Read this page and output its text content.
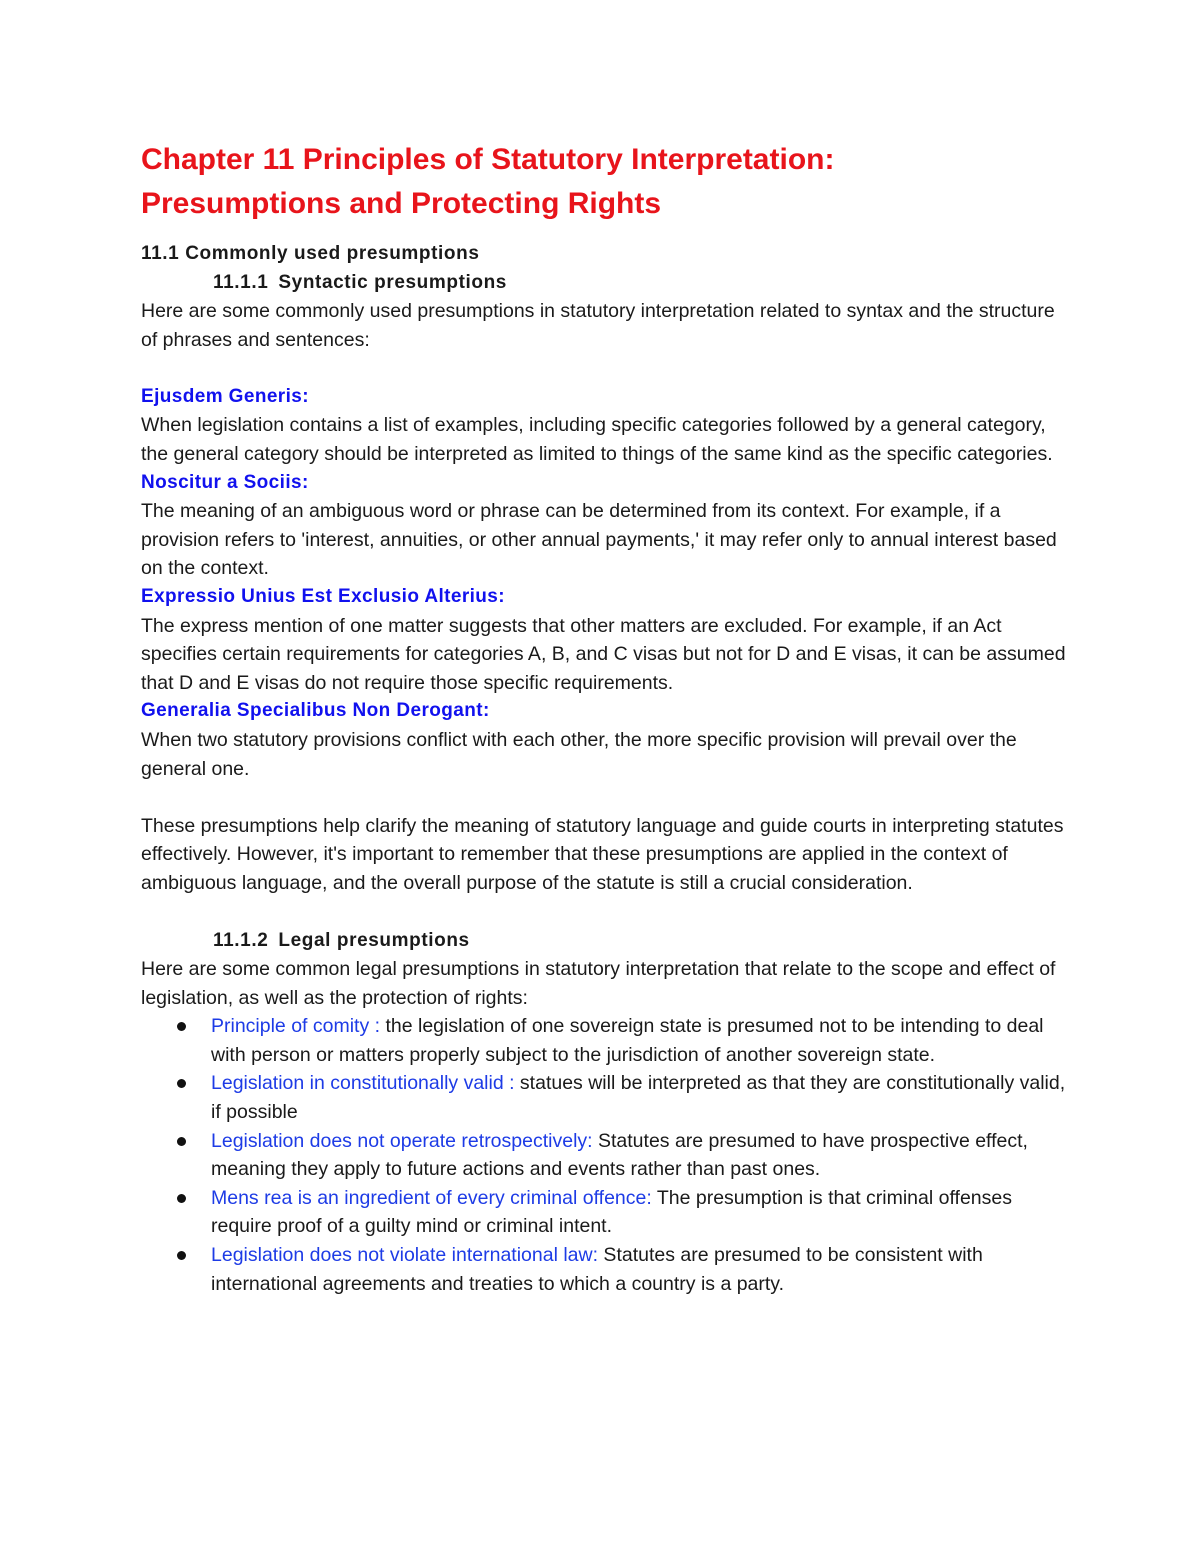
Chapter 11 Principles of Statutory Interpretation:
Presumptions and Protecting Rights
11.1 Commonly used presumptions
11.1.1 Syntactic presumptions

Here are some commonly used presumptions in statutory interpretation related to syntax and the structure of phrases and sentences:

Ejusdem Generis:

When legislation contains a list of examples, including specific categories followed by a general category, the general category should be interpreted as limited to things of the same kind as the specific categories.

Noscitur a Sociis:

The meaning of an ambiguous word or phrase can be determined from its context. For example, if a provision refers to 'interest, annuities, or other annual payments,' it may refer only to annual interest based on the context.

Expressio Unius Est Exclusio Alterius:

The express mention of one matter suggests that other matters are excluded. For example, if an Act specifies certain requirements for categories A, B, and C visas but not for D and E visas, it can be assumed that D and E visas do not require those specific requirements.

Generalia Specialibus Non Derogant:

When two statutory provisions conflict with each other, the more specific provision will prevail over the general one.

These presumptions help clarify the meaning of statutory language and guide courts in interpreting statutes effectively. However, it's important to remember that these presumptions are applied in the context of ambiguous language, and the overall purpose of the statute is still a crucial consideration.

11.1.2 Legal presumptions

Here are some common legal presumptions in statutory interpretation that relate to the scope and effect of legislation, as well as the protection of rights:

Principle of comity : the legislation of one sovereign state is presumed not to be intending to deal with person or matters properly subject to the jurisdiction of another sovereign state.
Legislation in constitutionally valid : statues will be interpreted as that they are constitutionally valid, if possible
Legislation does not operate retrospectively: Statutes are presumed to have prospective effect, meaning they apply to future actions and events rather than past ones.
Mens rea is an ingredient of every criminal offence: The presumption is that criminal offenses require proof of a guilty mind or criminal intent.
Legislation does not violate international law: Statutes are presumed to be consistent with international agreements and treaties to which a country is a party.
